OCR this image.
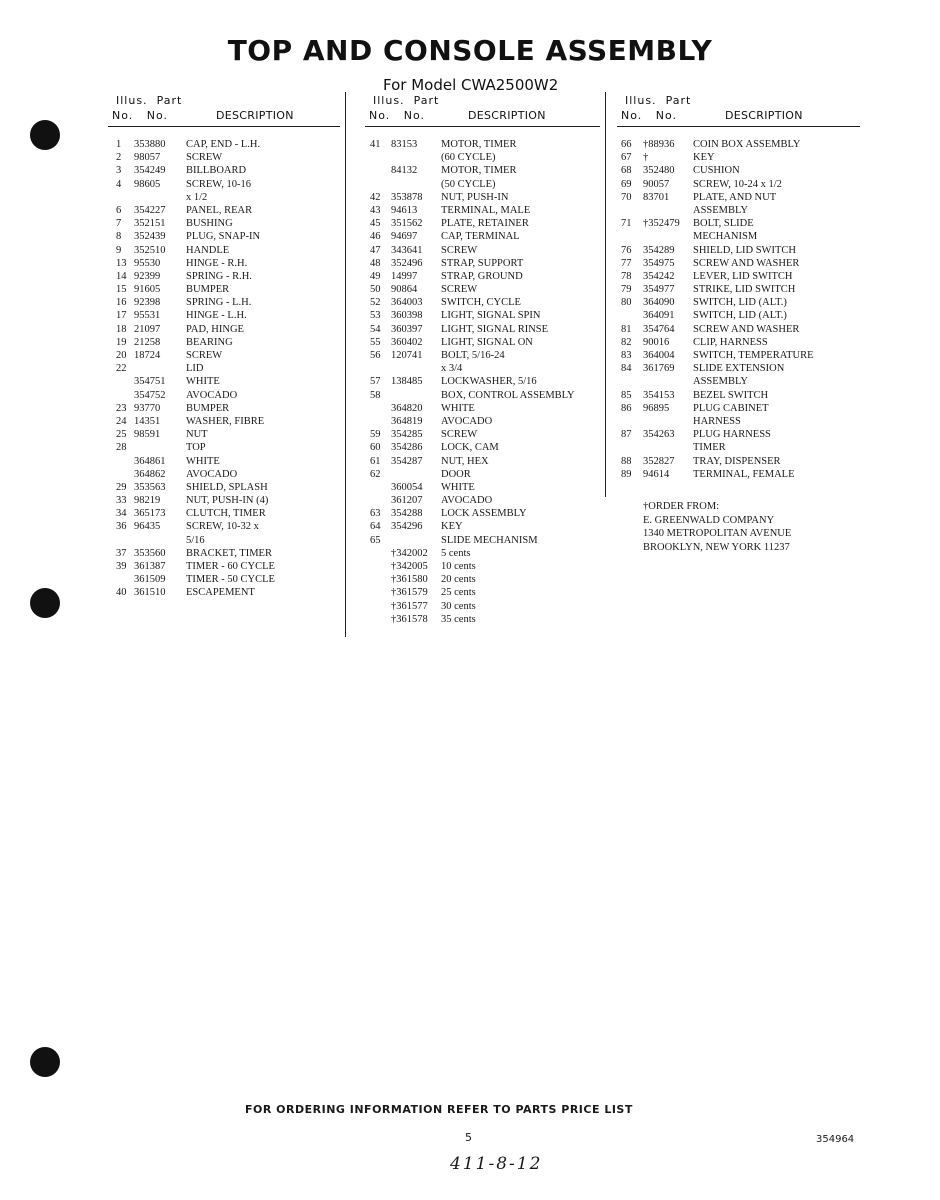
TOP AND CONSOLE ASSEMBLY
For Model CWA2500W2
Illus. Part
No. No.	DESCRIPTION
1 353880 CAP, END - L.H.
2 98057 SCREW
3 354249 BILLBOARD
4 98605 SCREW, 10-16
x 1/2
6 354227 PANEL, REAR
7 352151 BUSHING
8 352439 PLUG, SNAP-IN
9 352510 HANDLE
13 95530 HINGE - R.H.
14 92399 SPRING - R.H.
15 91605 BUMPER
16 92398 SPRING - L.H.
17 95531 HINGE - L.H.
18 21097 PAD, HINGE
19 21258 BEARING
20 18724 SCREW
22	LID
354751 WHITE
354752 AVOCADO
23 93770 BUMPER
24 14351 WASHER, FIBRE
25 98591 NUT
28	TOP
364861 WHITE
364862 AVOCADO
29 353563 SHIELD, SPLASH
33 98219 NUT, PUSH-IN (4)
34 365173 CLUTCH, TIMER
36 96435 SCREW, 10-32 x
5/16
37 353560 BRACKET, TIMER
39 361387 TIMER - 60 CYCLE
361509 TIMER - 50 CYCLE
40 361510 ESCAPEMENT
Illus. Part
No. No.	DESCRIPTION
41 83153 MOTOR, TIMER
(60 CYCLE)
84132 MOTOR, TIMER
(50 CYCLE)
42 353878 NUT, PUSH-IN
43 94613 TERMINAL, MALE
45 351562 PLATE, RETAINER
46 94697 CAP, TERMINAL
47 343641 SCREW
48 352496 STRAP, SUPPORT
49 14997 STRAP, GROUND
50 90864 SCREW
52 364003 SWITCH, CYCLE
53 360398 LIGHT, SIGNAL SPIN
54 360397 LIGHT, SIGNAL RINSE
55 360402 LIGHT, SIGNAL ON
56 120741 BOLT, 5/16-24
x 3/4
57 138485 LOCKWASHER, 5/16
58	BOX, CONTROL ASSEMBLY
364820 WHITE
364819 AVOCADO
59 354285 SCREW
60 354286 LOCK, CAM
61 354287 NUT, HEX
62	DOOR
360054 WHITE
361207 AVOCADO
63 354288 LOCK ASSEMBLY
64 354296 KEY
65	SLIDE MECHANISM
†342002 5 cents
†342005 10 cents
†361580 20 cents
†361579 25 cents
†361577 30 cents
†361578 35 cents
Illus. Part
No. No.	DESCRIPTION
66 †88936 COIN BOX ASSEMBLY
67 †	KEY
68 352480 CUSHION
69 90057 SCREW, 10-24 x 1/2
70 83701 PLATE, AND NUT
ASSEMBLY
71 †352479 BOLT, SLIDE
MECHANISM
76 354289 SHIELD, LID SWITCH
77 354975 SCREW AND WASHER
78 354242 LEVER, LID SWITCH
79 354977 STRIKE, LID SWITCH
80 364090 SWITCH, LID (ALT.)
364091 SWITCH, LID (ALT.)
81 354764 SCREW AND WASHER
82 90016 CLIP, HARNESS
83 364004 SWITCH, TEMPERATURE
84 361769 SLIDE EXTENSION
ASSEMBLY
85 354153 BEZEL SWITCH
86 96895 PLUG CABINET
HARNESS
87 354263 PLUG HARNESS
TIMER
88 352827 TRAY, DISPENSER
89 94614 TERMINAL, FEMALE
†ORDER FROM:
E. GREENWALD COMPANY
1340 METROPOLITAN AVENUE
BROOKLYN, NEW YORK 11237
FOR ORDERING INFORMATION REFER TO PARTS PRICE LIST
5	354964
411-8-12
